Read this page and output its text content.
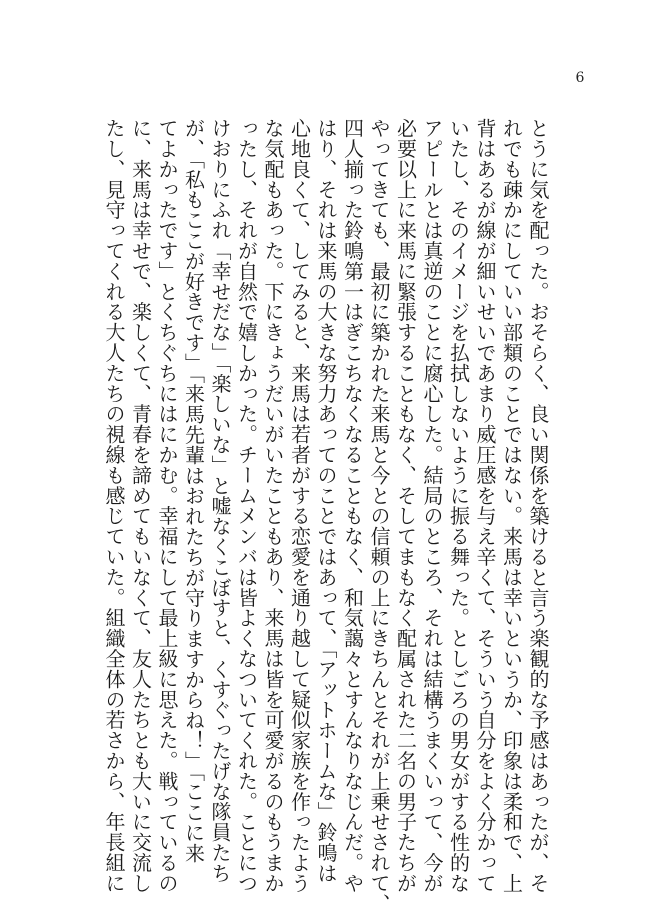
6
とうに気を配った。おそらく、良い関係を築けると言う楽観的な予感はあったが、そ
れでも疎かにしていい部類のことではない。来馬は幸いというか、印象は柔和で、上
背はあるが線が細いせいであまり威圧感を与え辛くて、そういう自分をよく分かって
いたし、そのイメージを払拭しないように振る舞った。としごろの男女がする性的な
アピールとは真逆のことに腐心した。結局のところ、それは結構うまくいって、今が
必要以上に来馬に緊張することもなく、そしてまもなく配属された二名の男子たちが
やってきても、最初に築かれた来馬と今との信頼の上にきちんとそれが上乗せされて、
四人揃った鈴鳴第一はぎこちなくなることもなく、和気藹々とすんなりなじんだ。や
はり、それは来馬の大きな努力あってのことではあって、「アットホームな」鈴鳴は
心地良くて、してみると、来馬は若者がする恋愛を通り越して疑似家族を作ったよう
な気配もあった。下にきょうだいがいたこともあり、来馬は皆を可愛がるのもうまか
ったし、それが自然で嬉しかった。チームメンバは皆よくなついてくれた。ことにつ
けおりにふれ「幸せだな」「楽しいな」と嘘なくこぼすと、くすぐったげな隊員たち
が、「私もここが好きです」「来馬先輩はおれたちが守りますからね！」「ここに来
てよかったです」とくちぐちにはにかむ。幸福にして最上級に思えた。戦っているの
に、来馬は幸せで、楽しくて、青春を諦めてもいなくて、友人たちとも大いに交流し
たし、見守ってくれる大人たちの視線も感じていた。組織全体の若さから、年長組に
